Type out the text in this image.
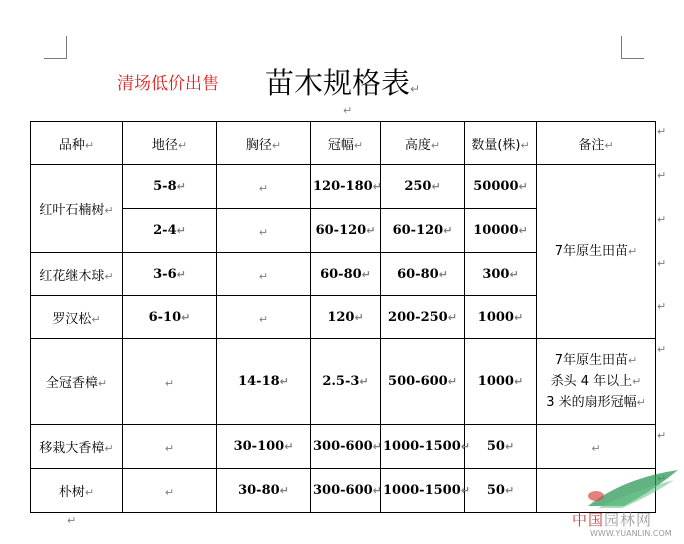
清场低价出售 苗木规格表↵
↵
品种↵	地径↵	胸径↵	冠幅↵	高度↵	数量(株)↵	备注↵
红叶石楠树↵	5-8↵	↵	120-180↵	250↵	50000↵	7年原生田苗↵
	2-4↵	↵	60-120↵	60-120↵	10000↵	
红花继木球↵	3-6↵	↵	60-80↵	60-80↵	300↵	
罗汉松↵	6-10↵	↵	120↵	200-250↵	1000↵	
全冠香樟↵	↵	14-18↵	2.5-3↵	500-600↵	1000↵	7年原生田苗↵
杀头 4 年以上↵
3 米的扇形冠幅↵

移栽大香樟↵	↵	30-100↵	300-600↵	1000-1500↵	50↵	↵
朴树↵	↵	30-80↵	300-600↵	1000-1500↵	50↵	
↵
↵
↵
↵
↵
↵
↵
↵	中国园林网
WWW.YUANLIN.COM
